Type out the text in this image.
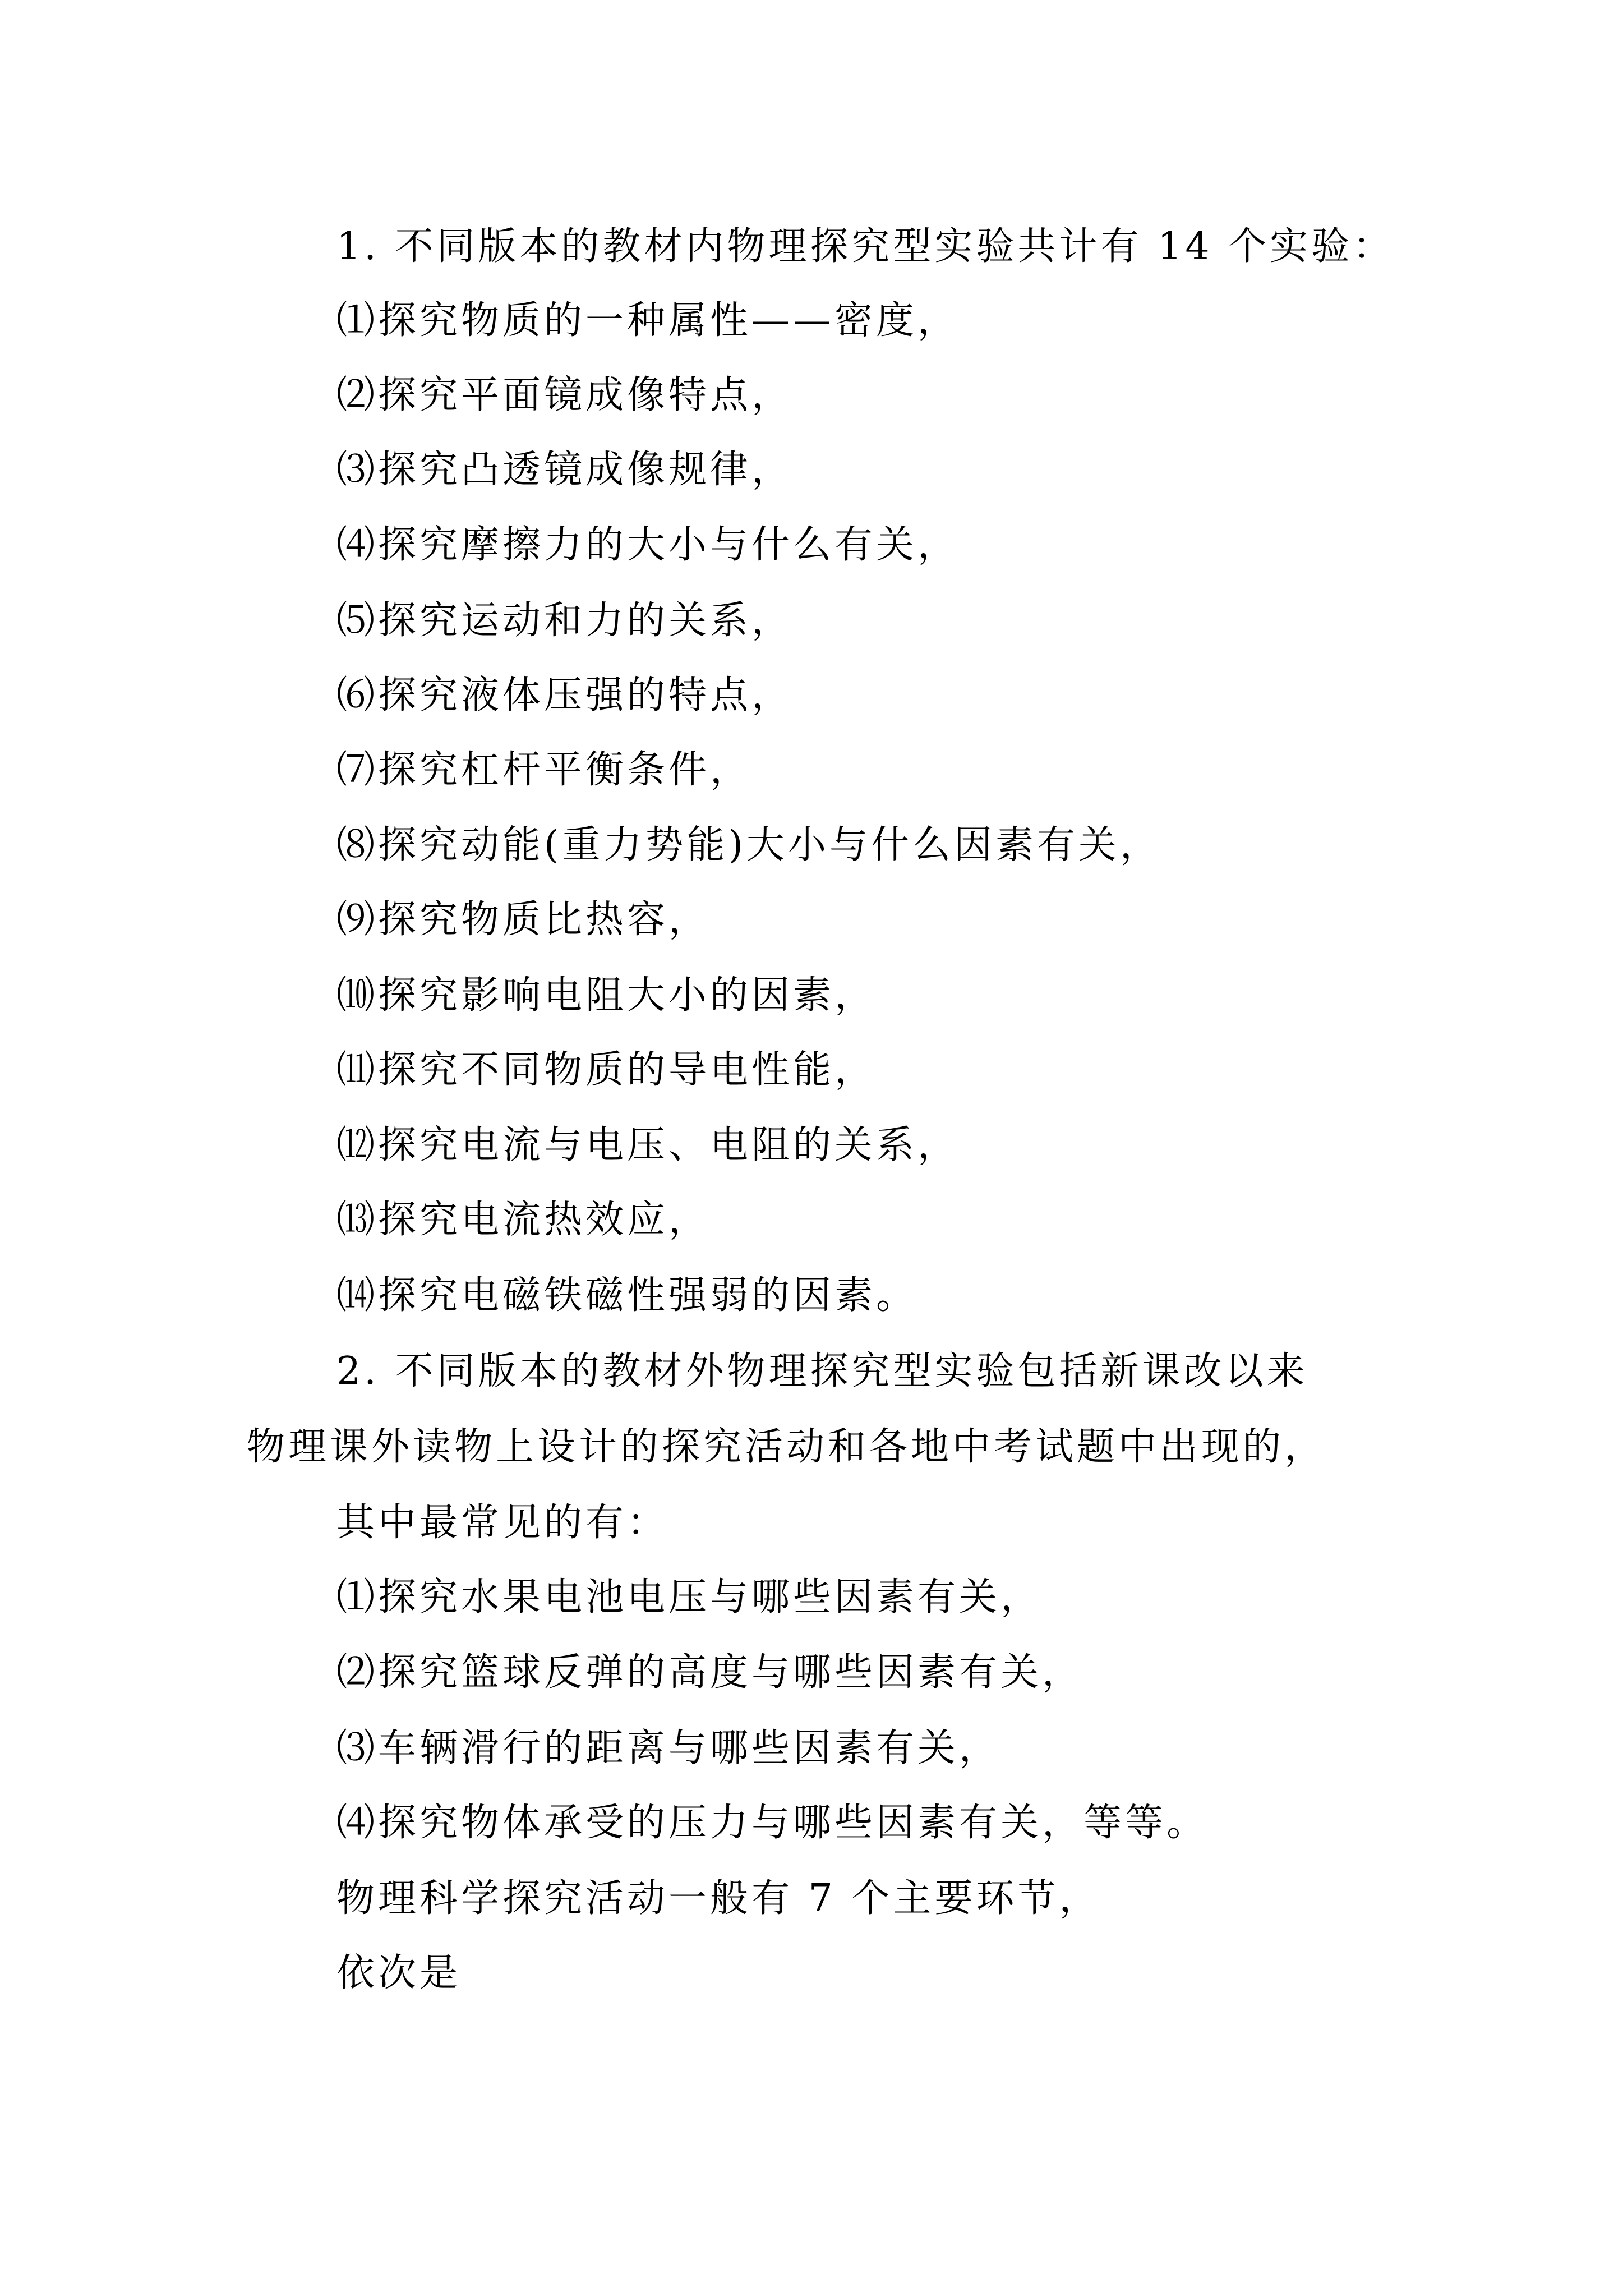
1. 不同版本的教材内物理探究型实验共计有 14 个实验：
⑴探究物质的一种属性——密度，
⑵探究平面镜成像特点，
⑶探究凸透镜成像规律，
⑷探究摩擦力的大小与什么有关，
⑸探究运动和力的关系，
⑹探究液体压强的特点，
⑺探究杠杆平衡条件，
⑻探究动能(重力势能)大小与什么因素有关，
⑼探究物质比热容，
⑽探究影响电阻大小的因素，
⑾探究不同物质的导电性能，
⑿探究电流与电压、电阻的关系，
⒀探究电流热效应，
⒁探究电磁铁磁性强弱的因素。
2. 不同版本的教材外物理探究型实验包括新课改以来
物理课外读物上设计的探究活动和各地中考试题中出现的，
其中最常见的有：
⑴探究水果电池电压与哪些因素有关，
⑵探究篮球反弹的高度与哪些因素有关，
⑶车辆滑行的距离与哪些因素有关，
⑷探究物体承受的压力与哪些因素有关，等等。
物理科学探究活动一般有 7 个主要环节，
依次是
